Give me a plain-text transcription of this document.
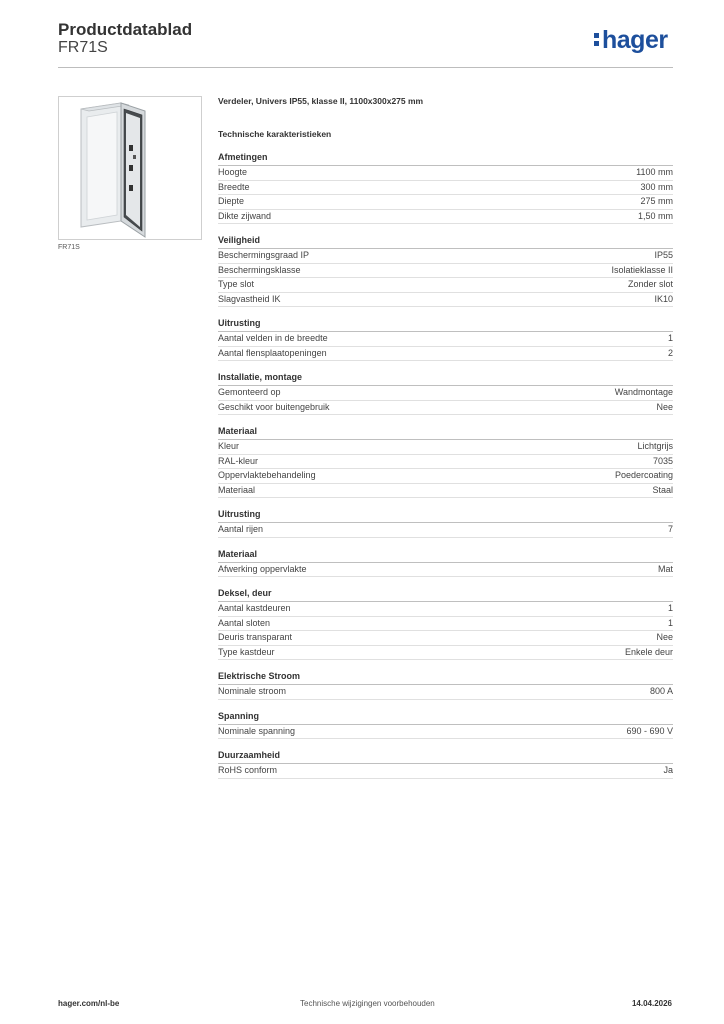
Productdatablad
FR71S	hager
FR71S
Verdeler, Univers IP55, klasse II, 1100x300x275 mm
Technische karakteristieken
Afmetingen
Hoogte	1100 mm
Breedte	300 mm
Diepte	275 mm
Dikte zijwand	1,50 mm
Veiligheid
Beschermingsgraad IP	IP55
Beschermingsklasse	Isolatieklasse II
Type slot	Zonder slot
Slagvastheid IK	IK10
Uitrusting
Aantal velden in de breedte	1
Aantal flensplaatopeningen	2
Installatie, montage
Gemonteerd op	Wandmontage
Geschikt voor buitengebruik	Nee
Materiaal
Kleur	Lichtgrijs
RAL-kleur	7035
Oppervlaktebehandeling	Poedercoating
Materiaal	Staal
Uitrusting
Aantal rijen	7
Materiaal
Afwerking oppervlakte	Mat
Deksel, deur
Aantal kastdeuren	1
Aantal sloten	1
Deuris transparant	Nee
Type kastdeur	Enkele deur
Elektrische Stroom
Nominale stroom	800 A
Spanning
Nominale spanning	690 - 690 V
Duurzaamheid
RoHS conform	Ja
hager.com/nl-be	Technische wijzigingen voorbehouden	14.04.2026
